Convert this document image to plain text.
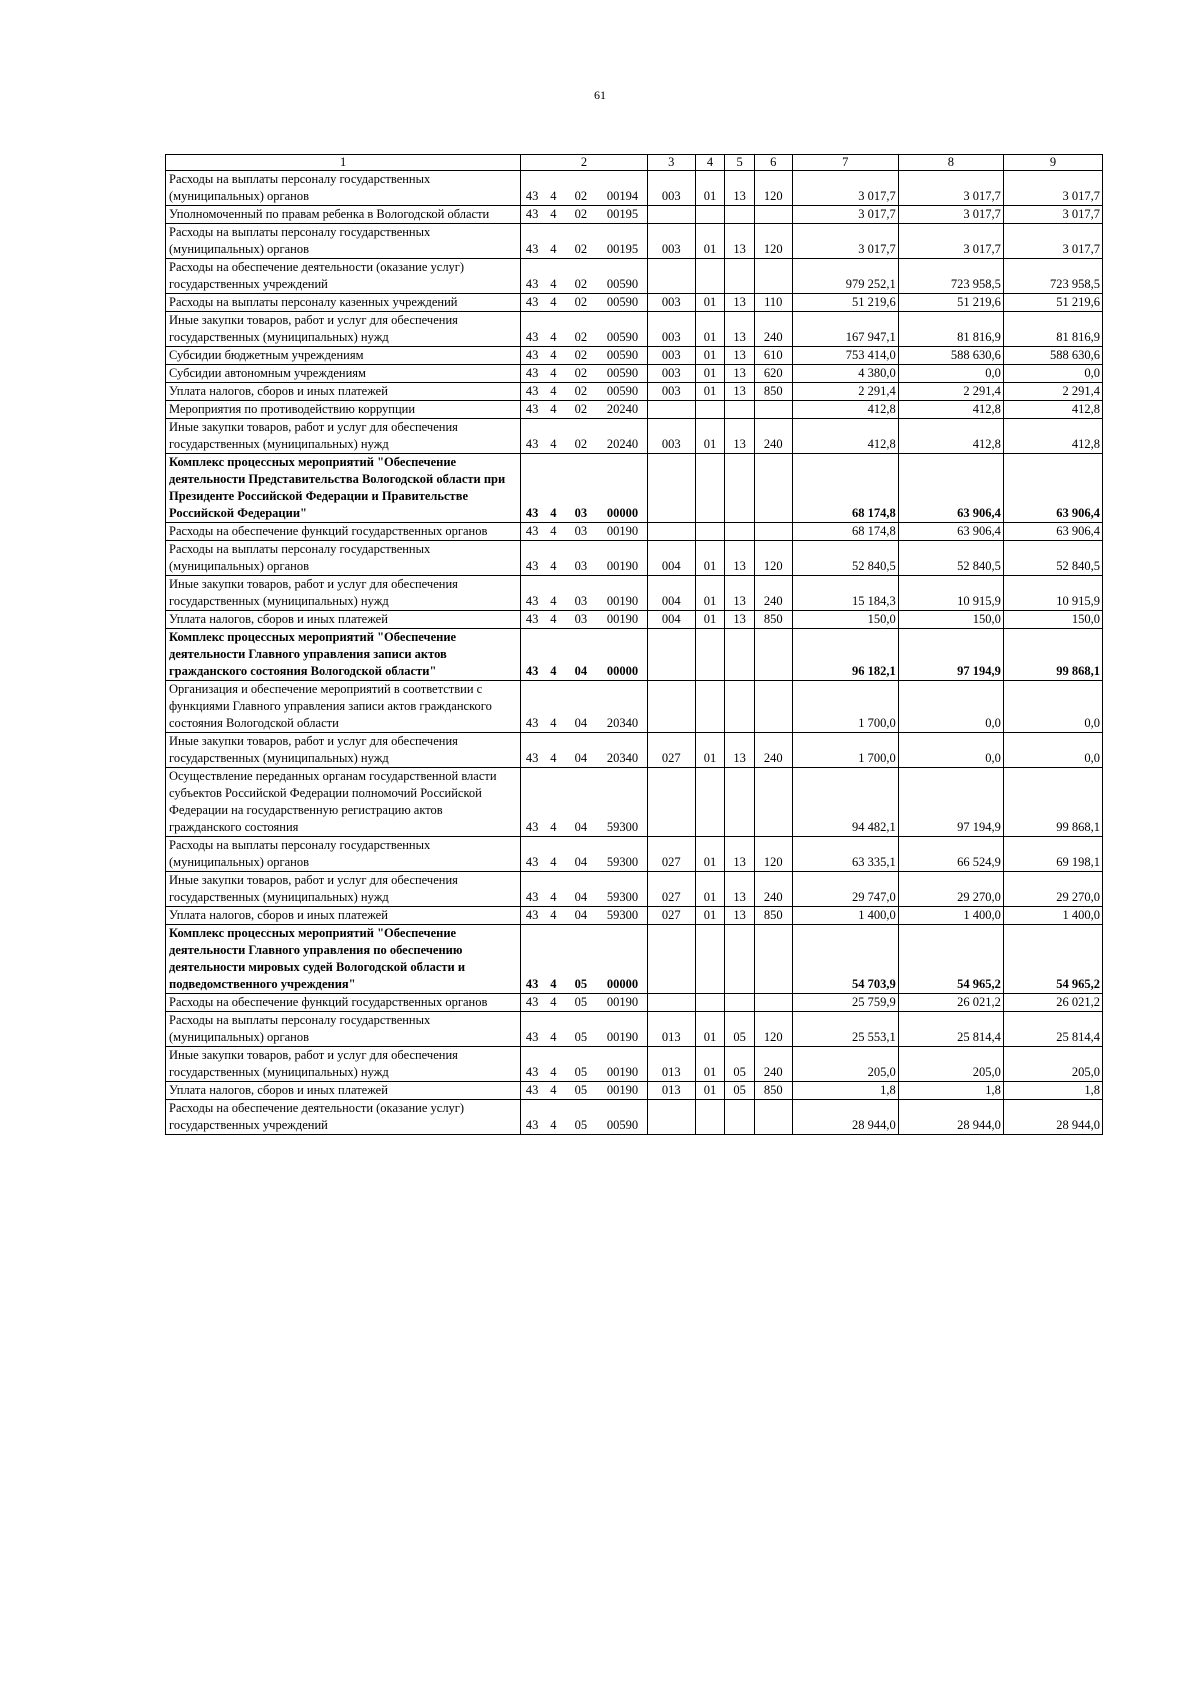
61
1	2				3	4	5	6	7	8	9
Расходы на выплаты персоналу государственных (муниципальных) органов	43	4	02	00194	003	01	13	120	3 017,7	3 017,7	3 017,7
Уполномоченный по правам ребенка в Вологодской области	43	4	02	00195					3 017,7	3 017,7	3 017,7
Расходы на выплаты персоналу государственных (муниципальных) органов	43	4	02	00195	003	01	13	120	3 017,7	3 017,7	3 017,7
Расходы на обеспечение деятельности (оказание услуг) государственных учреждений	43	4	02	00590					979 252,1	723 958,5	723 958,5
Расходы на выплаты персоналу казенных учреждений	43	4	02	00590	003	01	13	110	51 219,6	51 219,6	51 219,6
Иные закупки товаров, работ и услуг для обеспечения государственных (муниципальных) нужд	43	4	02	00590	003	01	13	240	167 947,1	81 816,9	81 816,9
Субсидии бюджетным учреждениям	43	4	02	00590	003	01	13	610	753 414,0	588 630,6	588 630,6
Субсидии автономным учреждениям	43	4	02	00590	003	01	13	620	4 380,0	0,0	0,0
Уплата налогов, сборов и иных платежей	43	4	02	00590	003	01	13	850	2 291,4	2 291,4	2 291,4
Мероприятия по противодействию коррупции	43	4	02	20240					412,8	412,8	412,8
Иные закупки товаров, работ и услуг для обеспечения государственных (муниципальных) нужд	43	4	02	20240	003	01	13	240	412,8	412,8	412,8
Комплекс процессных мероприятий "Обеспечение деятельности Представительства Вологодской области при Президенте Российской Федерации и Правительстве Российской Федерации"	43	4	03	00000					68 174,8	63 906,4	63 906,4
Расходы на обеспечение функций государственных органов	43	4	03	00190					68 174,8	63 906,4	63 906,4
Расходы на выплаты персоналу государственных (муниципальных) органов	43	4	03	00190	004	01	13	120	52 840,5	52 840,5	52 840,5
Иные закупки товаров, работ и услуг для обеспечения государственных (муниципальных) нужд	43	4	03	00190	004	01	13	240	15 184,3	10 915,9	10 915,9
Уплата налогов, сборов и иных платежей	43	4	03	00190	004	01	13	850	150,0	150,0	150,0
Комплекс процессных мероприятий "Обеспечение деятельности Главного управления записи актов гражданского состояния Вологодской области"	43	4	04	00000					96 182,1	97 194,9	99 868,1
Организация и обеспечение мероприятий в соответствии с функциями Главного управления записи актов гражданского состояния Вологодской области	43	4	04	20340					1 700,0	0,0	0,0
Иные закупки товаров, работ и услуг для обеспечения государственных (муниципальных) нужд	43	4	04	20340	027	01	13	240	1 700,0	0,0	0,0
Осуществление переданных органам государственной власти субъектов Российской Федерации полномочий Российской Федерации на государственную регистрацию актов гражданского состояния	43	4	04	59300					94 482,1	97 194,9	99 868,1
Расходы на выплаты персоналу государственных (муниципальных) органов	43	4	04	59300	027	01	13	120	63 335,1	66 524,9	69 198,1
Иные закупки товаров, работ и услуг для обеспечения государственных (муниципальных) нужд	43	4	04	59300	027	01	13	240	29 747,0	29 270,0	29 270,0
Уплата налогов, сборов и иных платежей	43	4	04	59300	027	01	13	850	1 400,0	1 400,0	1 400,0
Комплекс процессных мероприятий "Обеспечение деятельности Главного управления по обеспечению деятельности мировых судей Вологодской области и подведомственного учреждения"	43	4	05	00000					54 703,9	54 965,2	54 965,2
Расходы на обеспечение функций государственных органов	43	4	05	00190					25 759,9	26 021,2	26 021,2
Расходы на выплаты персоналу государственных (муниципальных) органов	43	4	05	00190	013	01	05	120	25 553,1	25 814,4	25 814,4
Иные закупки товаров, работ и услуг для обеспечения государственных (муниципальных) нужд	43	4	05	00190	013	01	05	240	205,0	205,0	205,0
Уплата налогов, сборов и иных платежей	43	4	05	00190	013	01	05	850	1,8	1,8	1,8
Расходы на обеспечение деятельности (оказание услуг) государственных учреждений	43	4	05	00590					28 944,0	28 944,0	28 944,0
